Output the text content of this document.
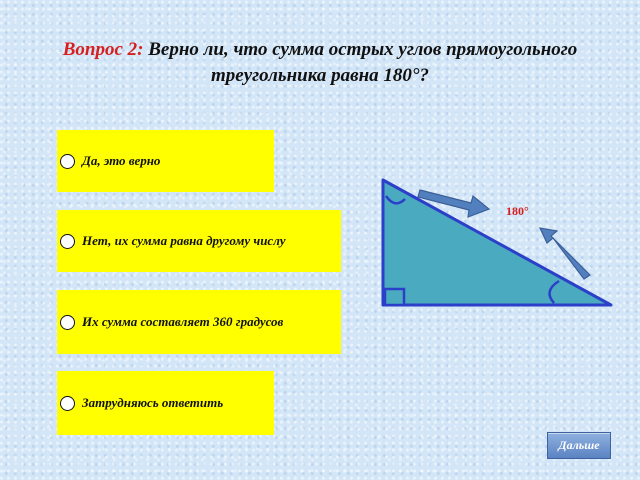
Вопрос 2: Верно ли, что сумма острых углов прямоугольного треугольника равна 180°?
Да, это верно
Нет, их сумма равна другому числу
Их сумма составляет 360 градусов
Затрудняюсь ответить
180°
Дальше
